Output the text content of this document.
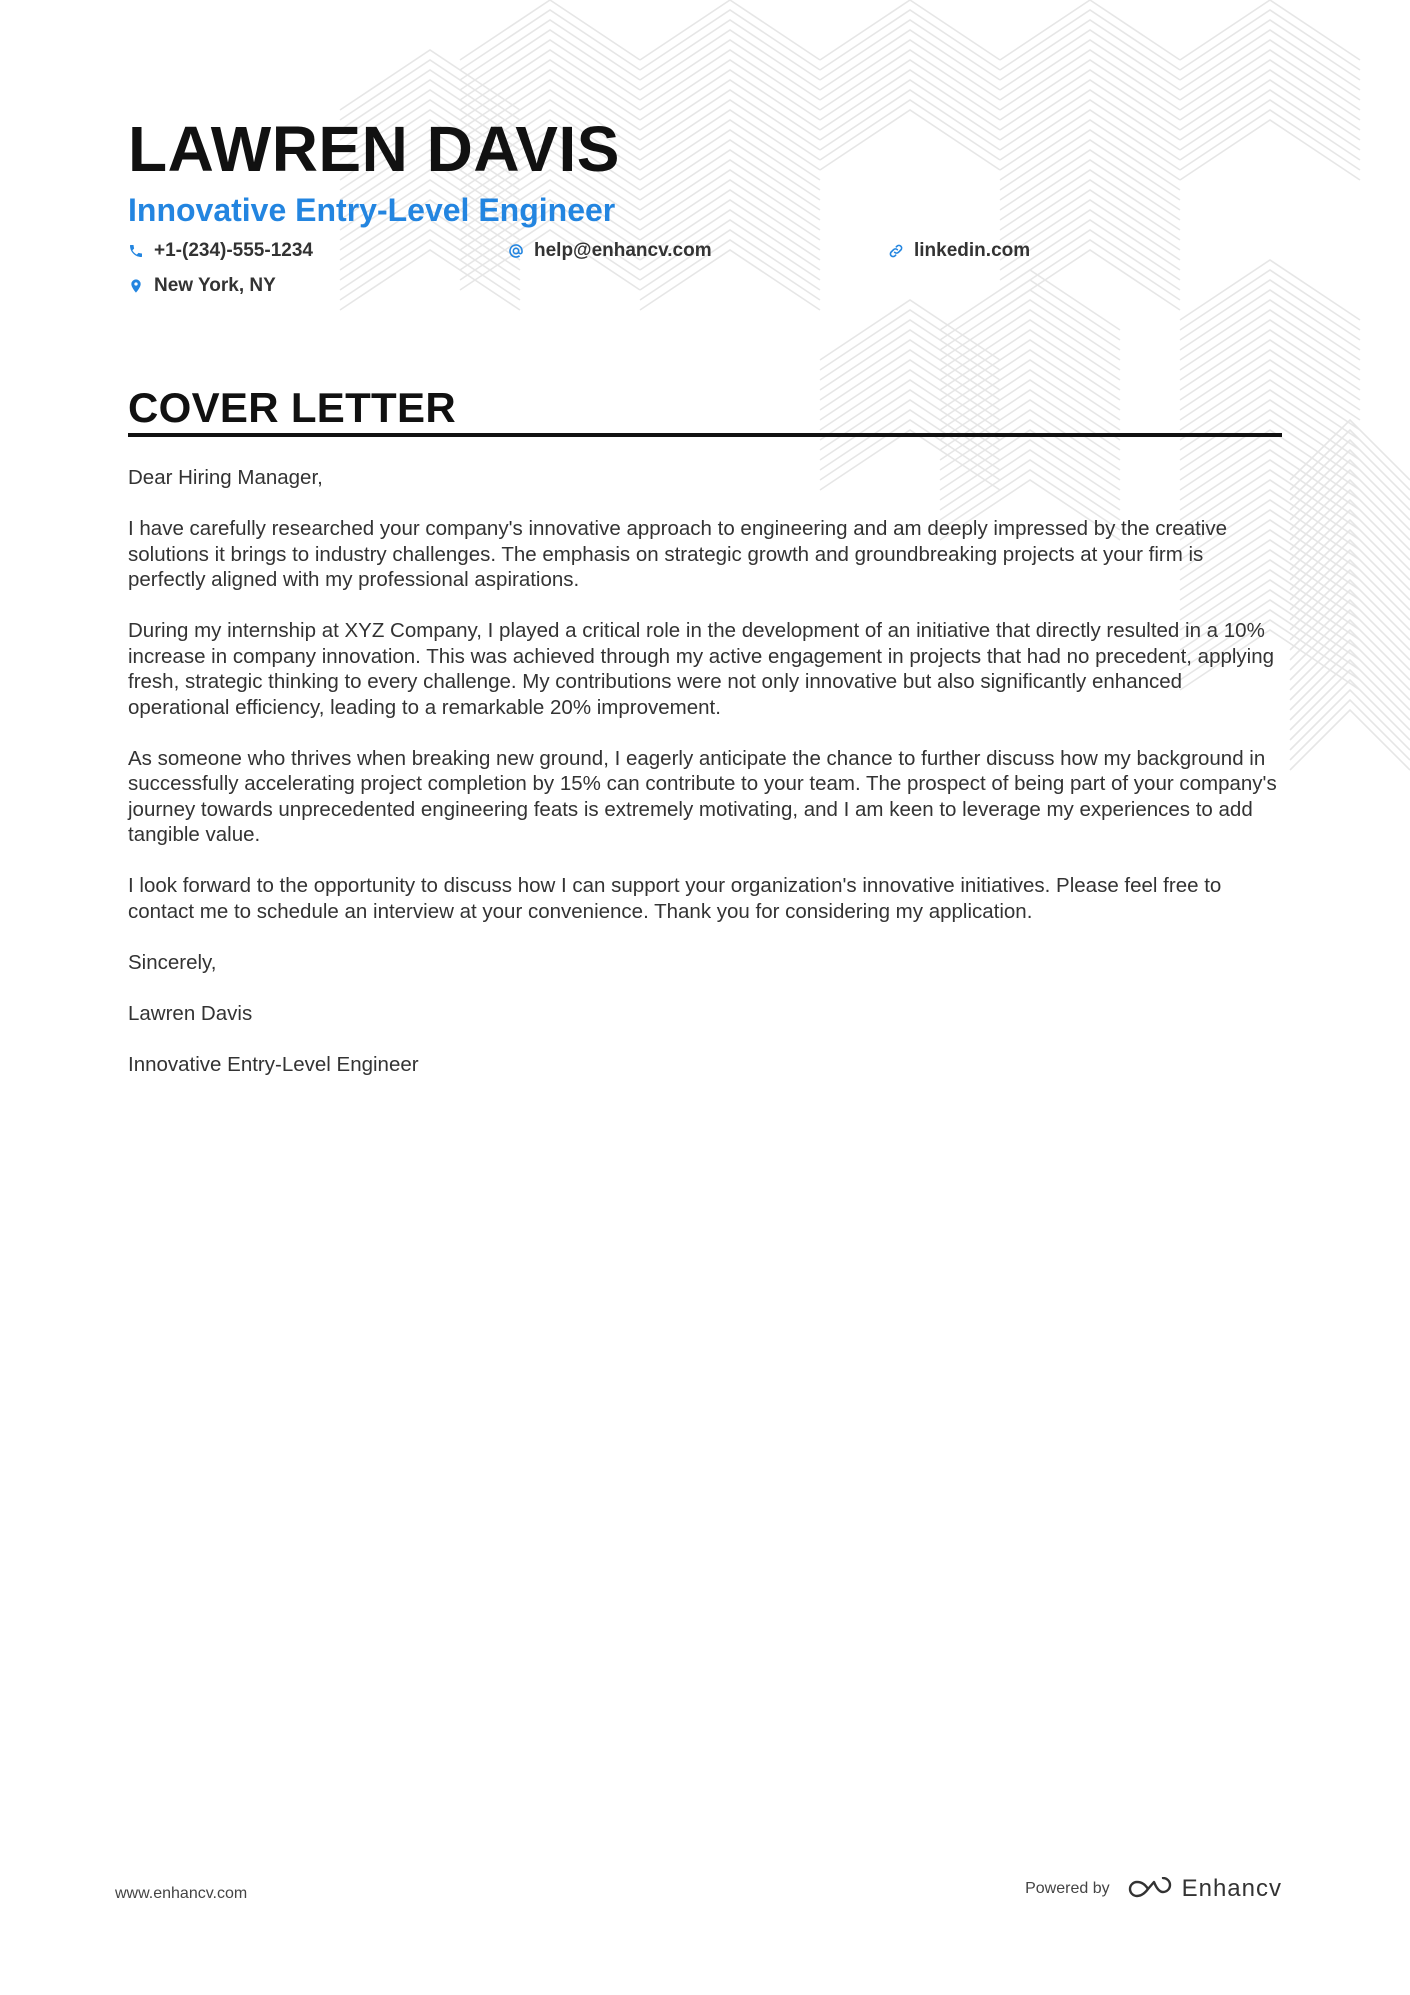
LAWREN DAVIS
Innovative Entry-Level Engineer
+1-(234)-555-1234	help@enhancv.com	linkedin.com
New York, NY
COVER LETTER

Dear Hiring Manager,

I have carefully researched your company's innovative approach to engineering and am deeply impressed by the creative solutions it brings to industry challenges. The emphasis on strategic growth and groundbreaking projects at your firm is perfectly aligned with my professional aspirations.

During my internship at XYZ Company, I played a critical role in the development of an initiative that directly resulted in a 10% increase in company innovation. This was achieved through my active engagement in projects that had no precedent, applying fresh, strategic thinking to every challenge. My contributions were not only innovative but also significantly enhanced operational efficiency, leading to a remarkable 20% improvement.

As someone who thrives when breaking new ground, I eagerly anticipate the chance to further discuss how my background in successfully accelerating project completion by 15% can contribute to your team. The prospect of being part of your company's journey towards unprecedented engineering feats is extremely motivating, and I am keen to leverage my experiences to add tangible value.

I look forward to the opportunity to discuss how I can support your organization's innovative initiatives. Please feel free to contact me to schedule an interview at your convenience. Thank you for considering my application.

Sincerely,

Lawren Davis

Innovative Entry-Level Engineer

www.enhancv.com	Powered by	Enhancv
